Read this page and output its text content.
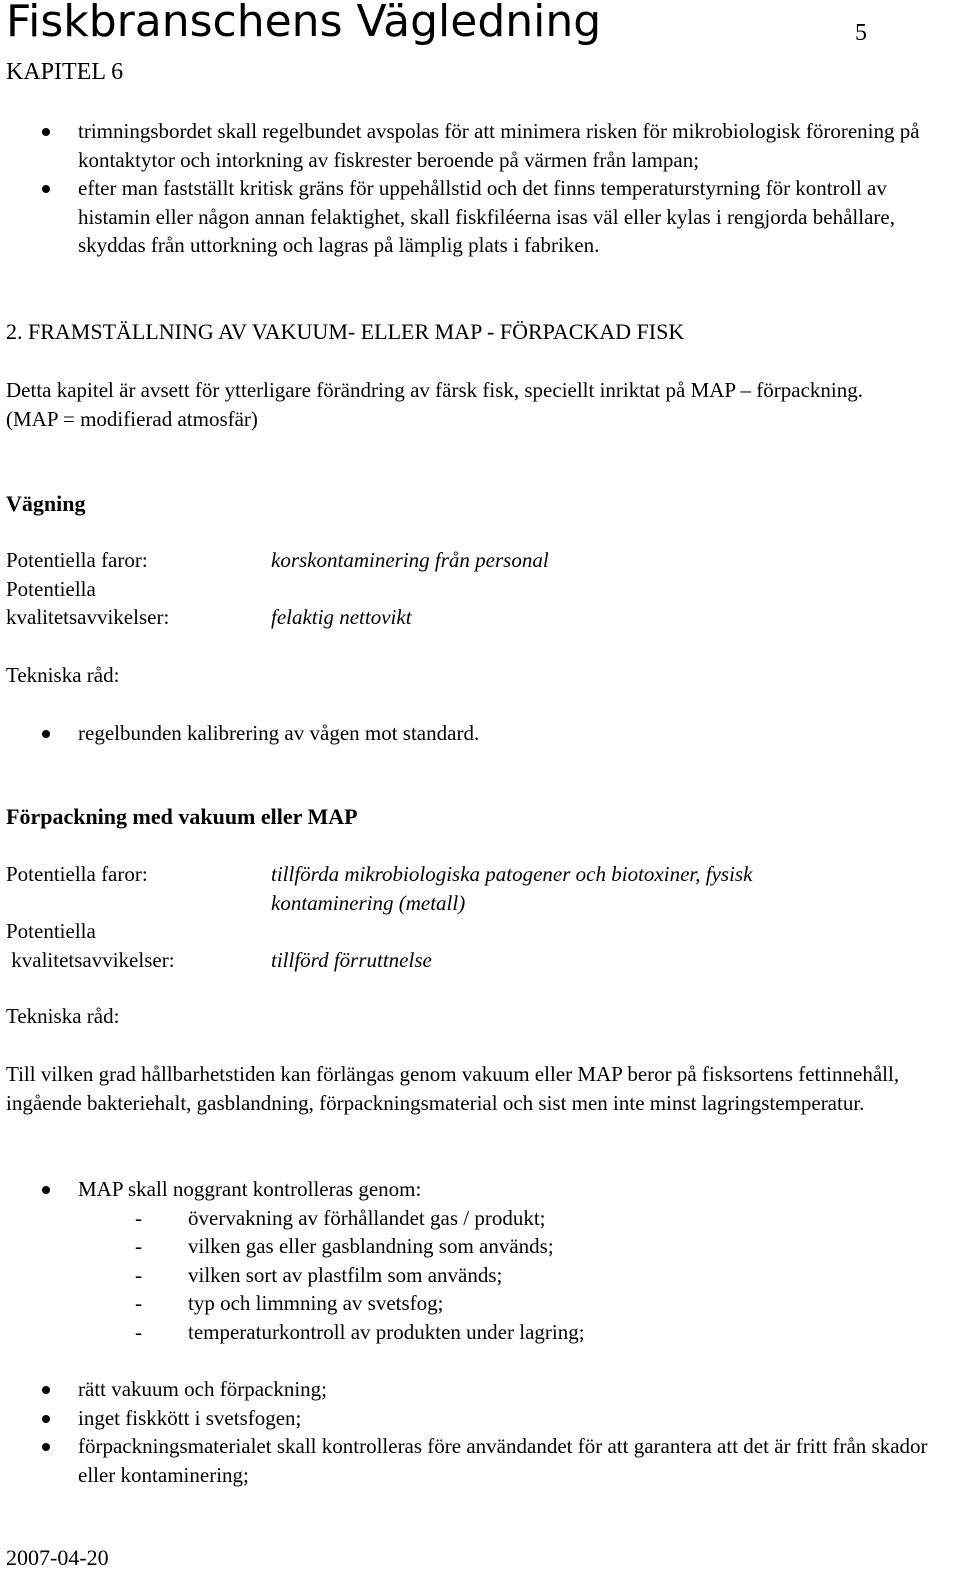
Fiskbranschens Vägledning	5
KAPITEL 6
trimningsbordet skall regelbundet avspolas för att minimera risken för mikrobiologisk förorening på kontaktytor och intorkning av fiskrester beroende på värmen från lampan;
efter man fastställt kritisk gräns för uppehållstid och det finns temperaturstyrning för kontroll av histamin eller någon annan felaktighet, skall fiskfiléerna isas väl eller kylas i rengjorda behållare, skyddas från uttorkning och lagras på lämplig plats i fabriken.
2. FRAMSTÄLLNING AV VAKUUM- ELLER MAP - FÖRPACKAD FISK
Detta kapitel är avsett för ytterligare förändring av färsk fisk, speciellt inriktat på MAP – förpackning. (MAP = modifierad atmosfär)
Vägning
Potentiella faror:	korskontaminering från personal
Potentiella
kvalitetsavvikelser:	felaktig nettovikt
Tekniska råd:
regelbunden kalibrering av vågen mot standard.
Förpackning med vakuum eller MAP
Potentiella faror:	tillförda mikrobiologiska patogener och biotoxiner, fysisk kontaminering (metall)
Potentiella
kvalitetsavvikelser:	tillförd förruttnelse
Tekniska råd:
Till vilken grad hållbarhetstiden kan förlängas genom vakuum eller MAP beror på fisksortens fettinnehåll, ingående bakteriehalt, gasblandning, förpackningsmaterial och sist men inte minst lagringstemperatur.
MAP skall noggrant kontrolleras genom:
- övervakning av förhållandet gas / produkt;
- vilken gas eller gasblandning som används;
- vilken sort av plastfilm som används;
- typ och limmning av svetsfog;
- temperaturkontroll av produkten under lagring;
rätt vakuum och förpackning;
inget fiskkött i svetsfogen;
förpackningsmaterialet skall kontrolleras före användandet för att garantera att det är fritt från skador eller kontaminering;
2007-04-20
